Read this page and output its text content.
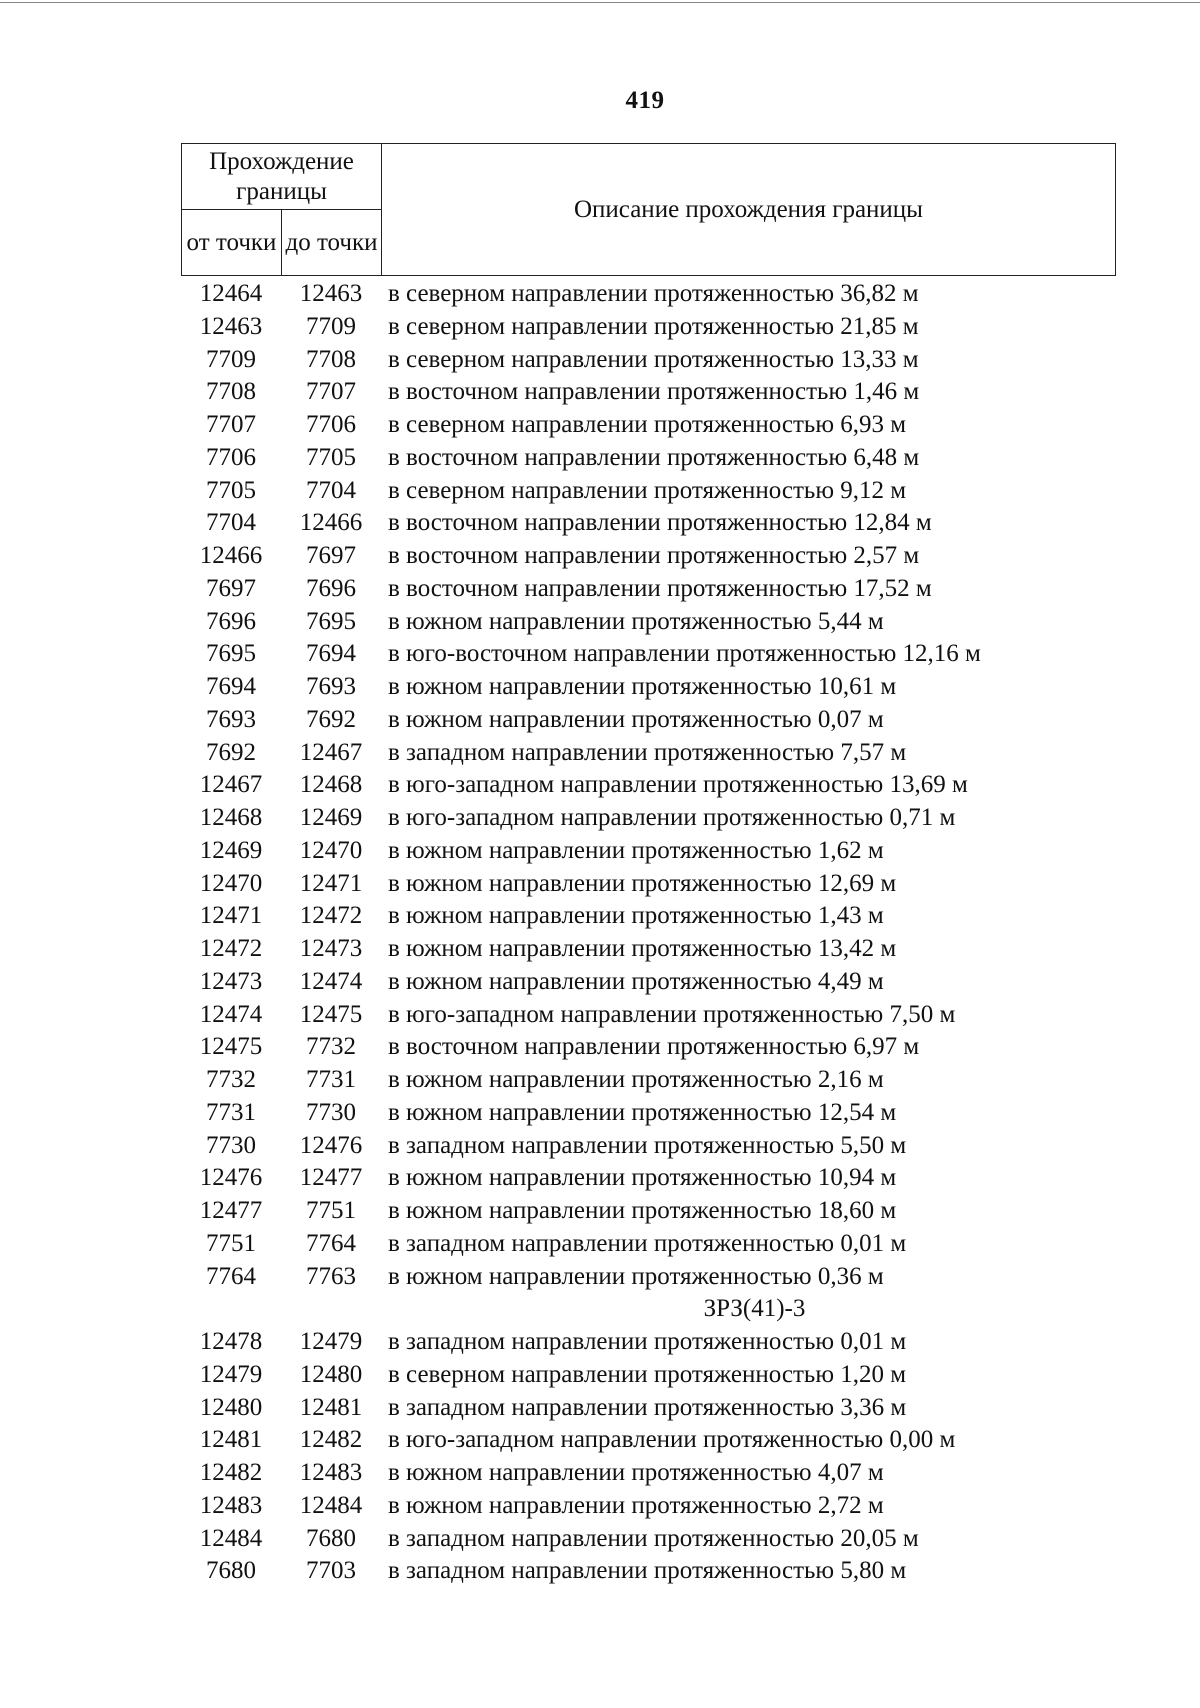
419
Прохождение границы		Описание прохождения границы
от точки	до точки	
12464	12463	в северном направлении протяженностью 36,82 м
12463	7709	в северном направлении протяженностью 21,85 м
7709	7708	в северном направлении протяженностью 13,33 м
7708	7707	в восточном направлении протяженностью 1,46 м
7707	7706	в северном направлении протяженностью 6,93 м
7706	7705	в восточном направлении протяженностью 6,48 м
7705	7704	в северном направлении протяженностью 9,12 м
7704	12466	в восточном направлении протяженностью 12,84 м
12466	7697	в восточном направлении протяженностью 2,57 м
7697	7696	в восточном направлении протяженностью 17,52 м
7696	7695	в южном направлении протяженностью 5,44 м
7695	7694	в юго-восточном направлении протяженностью 12,16 м
7694	7693	в южном направлении протяженностью 10,61 м
7693	7692	в южном направлении протяженностью 0,07 м
7692	12467	в западном направлении протяженностью 7,57 м
12467	12468	в юго-западном направлении протяженностью 13,69 м
12468	12469	в юго-западном направлении протяженностью 0,71 м
12469	12470	в южном направлении протяженностью 1,62 м
12470	12471	в южном направлении протяженностью 12,69 м
12471	12472	в южном направлении протяженностью 1,43 м
12472	12473	в южном направлении протяженностью 13,42 м
12473	12474	в южном направлении протяженностью 4,49 м
12474	12475	в юго-западном направлении протяженностью 7,50 м
12475	7732	в восточном направлении протяженностью 6,97 м
7732	7731	в южном направлении протяженностью 2,16 м
7731	7730	в южном направлении протяженностью 12,54 м
7730	12476	в западном направлении протяженностью 5,50 м
12476	12477	в южном направлении протяженностью 10,94 м
12477	7751	в южном направлении протяженностью 18,60 м
7751	7764	в западном направлении протяженностью 0,01 м
7764	7763	в южном направлении протяженностью 0,36 м
ЗРЗ(41)-3
12478	12479	в западном направлении протяженностью 0,01 м
12479	12480	в северном направлении протяженностью 1,20 м
12480	12481	в западном направлении протяженностью 3,36 м
12481	12482	в юго-западном направлении протяженностью 0,00 м
12482	12483	в южном направлении протяженностью 4,07 м
12483	12484	в южном направлении протяженностью 2,72 м
12484	7680	в западном направлении протяженностью 20,05 м
7680	7703	в западном направлении протяженностью 5,80 м
